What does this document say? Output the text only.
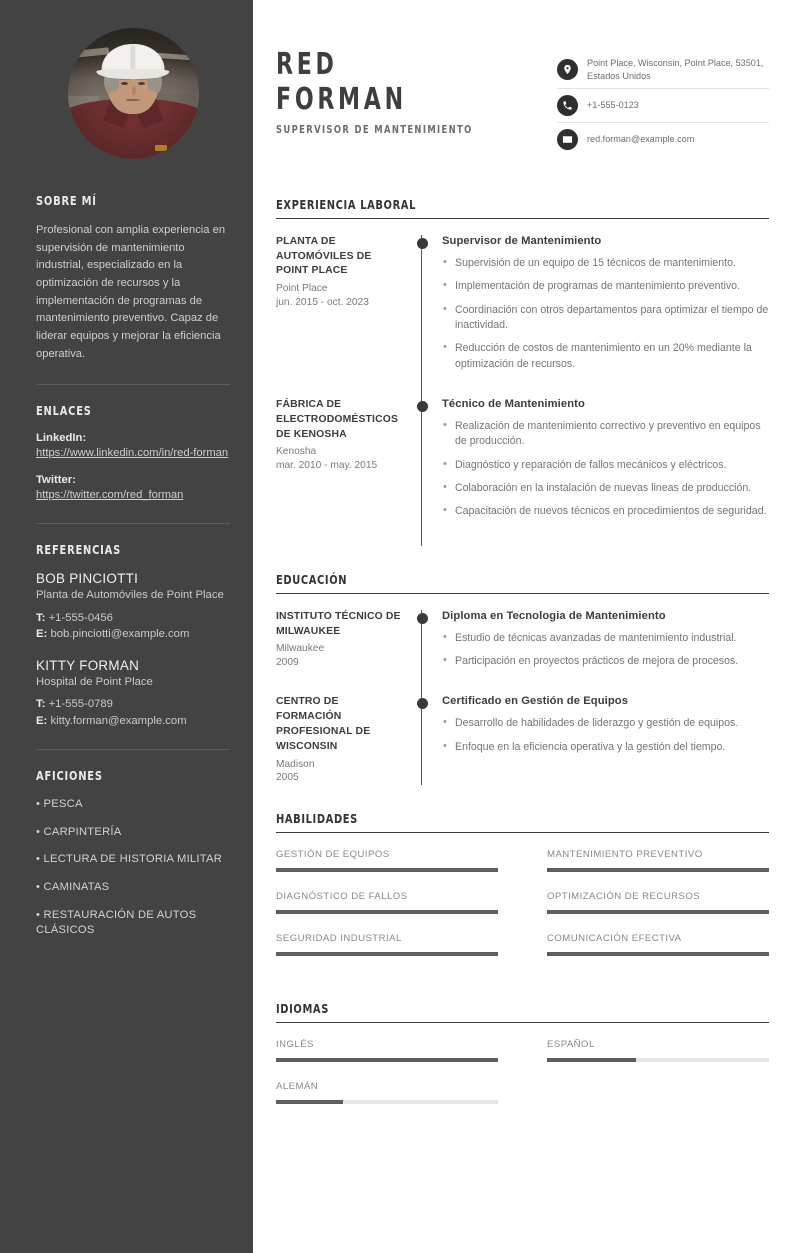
SOBRE MÍ
Profesional con amplia experiencia en supervisión de mantenimiento industrial, especializado en la optimización de recursos y la implementación de programas de mantenimiento preventivo. Capaz de liderar equipos y mejorar la eficiencia operativa.
ENLACES
LinkedIn:
https://www.linkedin.com/in/red-forman
Twitter:
https://twitter.com/red_forman
REFERENCIAS
BOB PINCIOTTI
Planta de Automóviles de Point Place
T: +1-555-0456
E: bob.pinciotti@example.com
KITTY FORMAN
Hospital de Point Place
T: +1-555-0789
E: kitty.forman@example.com
AFICIONES
• PESCA
• CARPINTERÍA
• LECTURA DE HISTORIA MILITAR
• CAMINATAS
• RESTAURACIÓN DE AUTOS CLÁSICOS
RED
FORMAN
SUPERVISOR DE MANTENIMIENTO
Point Place, Wisconsin, Point Place, 53501, Estados Unidos
+1-555-0123
red.forman@example.com
EXPERIENCIA LABORAL
PLANTA DE AUTOMÓVILES DE POINT PLACE
Point Place
jun. 2015 - oct. 2023
Supervisor de Mantenimiento
• Supervisión de un equipo de 15 técnicos de mantenimiento.
• Implementación de programas de mantenimiento preventivo.
• Coordinación con otros departamentos para optimizar el tiempo de inactividad.
• Reducción de costos de mantenimiento en un 20% mediante la optimización de recursos.
FÁBRICA DE ELECTRODOMÉSTICOS DE KENOSHA
Kenosha
mar. 2010 - may. 2015
Técnico de Mantenimiento
• Realización de mantenimiento correctivo y preventivo en equipos de producción.
• Diagnóstico y reparación de fallos mecánicos y eléctricos.
• Colaboración en la instalación de nuevas lineas de producción.
• Capacitación de nuevos técnicos en procedimientos de seguridad.
EDUCACIÓN
INSTITUTO TÉCNICO DE MILWAUKEE
Milwaukee
2009
Diploma en Tecnologia de Mantenimiento
• Estudio de técnicas avanzadas de mantenimiento industrial.
• Participación en proyectos prácticos de mejora de procesos.
CENTRO DE FORMACIÓN PROFESIONAL DE WISCONSIN
Madison
2005
Certificado en Gestión de Equipos
• Desarrollo de habilidades de liderazgo y gestión de equipos.
• Enfoque en la eficiencia operativa y la gestión del tiempo.
HABILIDADES
GESTIÓN DE EQUIPOS	MANTENIMIENTO PREVENTIVO
DIAGNÓSTICO DE FALLOS	OPTIMIZACIÓN DE RECURSOS
SEGURIDAD INDUSTRIAL	COMUNICACIÓN EFECTIVA
IDIOMAS
INGLÉS	ESPAÑOL
ALEMÁN
